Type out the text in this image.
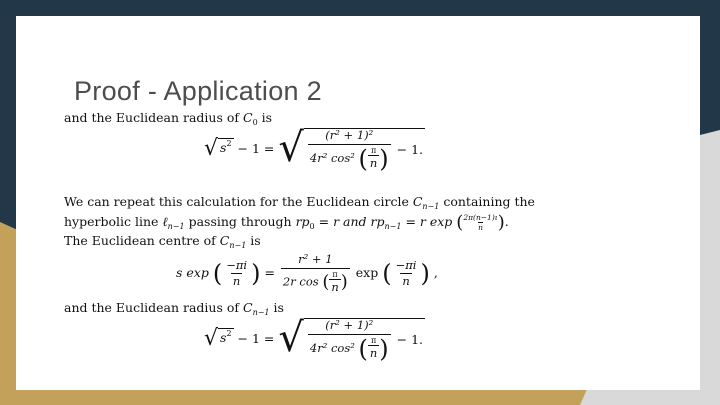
Proof - Application 2
and the Euclidean radius of $C_0$ is
√ $s^2 - 1$ = √ $\frac{\text{(r² + 1)²}}{4r^2 \cos^2 ( \frac{\pi}{n} )} - 1$.
We can repeat this calculation for the Euclidean circle $C_{n-1}$ containing the
hyperbolic line ℓ$_{n-1}$ passing through $rp_0 = r$ and $rp_{n-1} = r$ exp ( $\frac{2\pi(n-1)\iota}{n}$ ).
The Euclidean centre of $C_{n-1}$ is
s exp ( $\frac{-\pi i}{n}$ ) = $\frac{\text{r² + 1}}{2r \cos ( \frac{\pi}{n} )}$ exp ( $\frac{-\pi i}{n}$ ) ,
and the Euclidean radius of $C_{n-1}$ is
√ $s^2 - 1$ = √ $\frac{\text{(r² + 1)²}}{4r^2 \cos^2 ( \frac{\pi}{n} )} - 1$.
